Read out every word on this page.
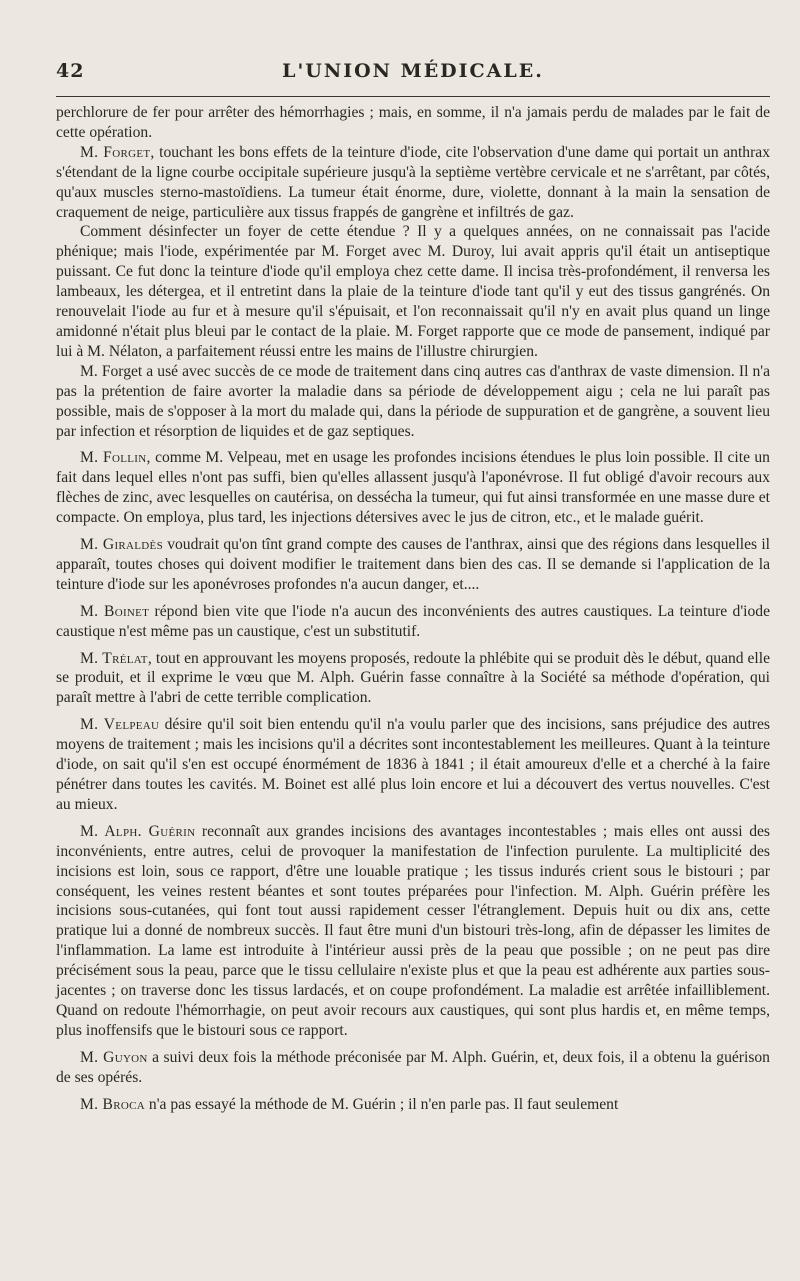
42	L'UNION MÉDICALE.

perchlorure de fer pour arrêter des hémorrhagies ; mais, en somme, il n'a jamais perdu de malades par le fait de cette opération.

M. Forget, touchant les bons effets de la teinture d'iode, cite l'observation d'une dame qui portait un anthrax s'étendant de la ligne courbe occipitale supérieure jusqu'à la septième vertèbre cervicale et ne s'arrêtant, par côtés, qu'aux muscles sterno-mastoïdiens. La tumeur était énorme, dure, violette, donnant à la main la sensation de craquement de neige, particulière aux tissus frappés de gangrène et infiltrés de gaz.

Comment désinfecter un foyer de cette étendue ? Il y a quelques années, on ne connaissait pas l'acide phénique; mais l'iode, expérimentée par M. Forget avec M. Duroy, lui avait appris qu'il était un antiseptique puissant. Ce fut donc la teinture d'iode qu'il employa chez cette dame. Il incisa très-profondément, il renversa les lambeaux, les détergea, et il entretint dans la plaie de la teinture d'iode tant qu'il y eut des tissus gangrénés. On renouvelait l'iode au fur et à mesure qu'il s'épuisait, et l'on reconnaissait qu'il n'y en avait plus quand un linge amidonné n'était plus bleui par le contact de la plaie. M. Forget rapporte que ce mode de pansement, indiqué par lui à M. Nélaton, a parfaitement réussi entre les mains de l'illustre chirurgien.

M. Forget a usé avec succès de ce mode de traitement dans cinq autres cas d'anthrax de vaste dimension. Il n'a pas la prétention de faire avorter la maladie dans sa période de développement aigu ; cela ne lui paraît pas possible, mais de s'opposer à la mort du malade qui, dans la période de suppuration et de gangrène, a souvent lieu par infection et résorption de liquides et de gaz septiques.

M. Follin, comme M. Velpeau, met en usage les profondes incisions étendues le plus loin possible. Il cite un fait dans lequel elles n'ont pas suffi, bien qu'elles allassent jusqu'à l'aponévrose. Il fut obligé d'avoir recours aux flèches de zinc, avec lesquelles on cautérisa, on dessécha la tumeur, qui fut ainsi transformée en une masse dure et compacte. On employa, plus tard, les injections détersives avec le jus de citron, etc., et le malade guérit.

M. Giraldès voudrait qu'on tînt grand compte des causes de l'anthrax, ainsi que des régions dans lesquelles il apparaît, toutes choses qui doivent modifier le traitement dans bien des cas. Il se demande si l'application de la teinture d'iode sur les aponévroses profondes n'a aucun danger, et....

M. Boinet répond bien vite que l'iode n'a aucun des inconvénients des autres caustiques. La teinture d'iode caustique n'est même pas un caustique, c'est un substitutif.

M. Trélat, tout en approuvant les moyens proposés, redoute la phlébite qui se produit dès le début, quand elle se produit, et il exprime le vœu que M. Alph. Guérin fasse connaître à la Société sa méthode d'opération, qui paraît mettre à l'abri de cette terrible complication.

M. Velpeau désire qu'il soit bien entendu qu'il n'a voulu parler que des incisions, sans préjudice des autres moyens de traitement ; mais les incisions qu'il a décrites sont incontestablement les meilleures. Quant à la teinture d'iode, on sait qu'il s'en est occupé énormément de 1836 à 1841 ; il était amoureux d'elle et a cherché à la faire pénétrer dans toutes les cavités. M. Boinet est allé plus loin encore et lui a découvert des vertus nouvelles. C'est au mieux.

M. Alph. Guérin reconnaît aux grandes incisions des avantages incontestables ; mais elles ont aussi des inconvénients, entre autres, celui de provoquer la manifestation de l'infection purulente. La multiplicité des incisions est loin, sous ce rapport, d'être une louable pratique ; les tissus indurés crient sous le bistouri ; par conséquent, les veines restent béantes et sont toutes préparées pour l'infection. M. Alph. Guérin préfère les incisions sous-cutanées, qui font tout aussi rapidement cesser l'étranglement. Depuis huit ou dix ans, cette pratique lui a donné de nombreux succès. Il faut être muni d'un bistouri très-long, afin de dépasser les limites de l'inflammation. La lame est introduite à l'intérieur aussi près de la peau que possible ; on ne peut pas dire précisément sous la peau, parce que le tissu cellulaire n'existe plus et que la peau est adhérente aux parties sous-jacentes ; on traverse donc les tissus lardacés, et on coupe profondément. La maladie est arrêtée infailliblement. Quand on redoute l'hémorrhagie, on peut avoir recours aux caustiques, qui sont plus hardis et, en même temps, plus inoffensifs que le bistouri sous ce rapport.

M. Guyon a suivi deux fois la méthode préconisée par M. Alph. Guérin, et, deux fois, il a obtenu la guérison de ses opérés.

M. Broca n'a pas essayé la méthode de M. Guérin ; il n'en parle pas. Il faut seulement
